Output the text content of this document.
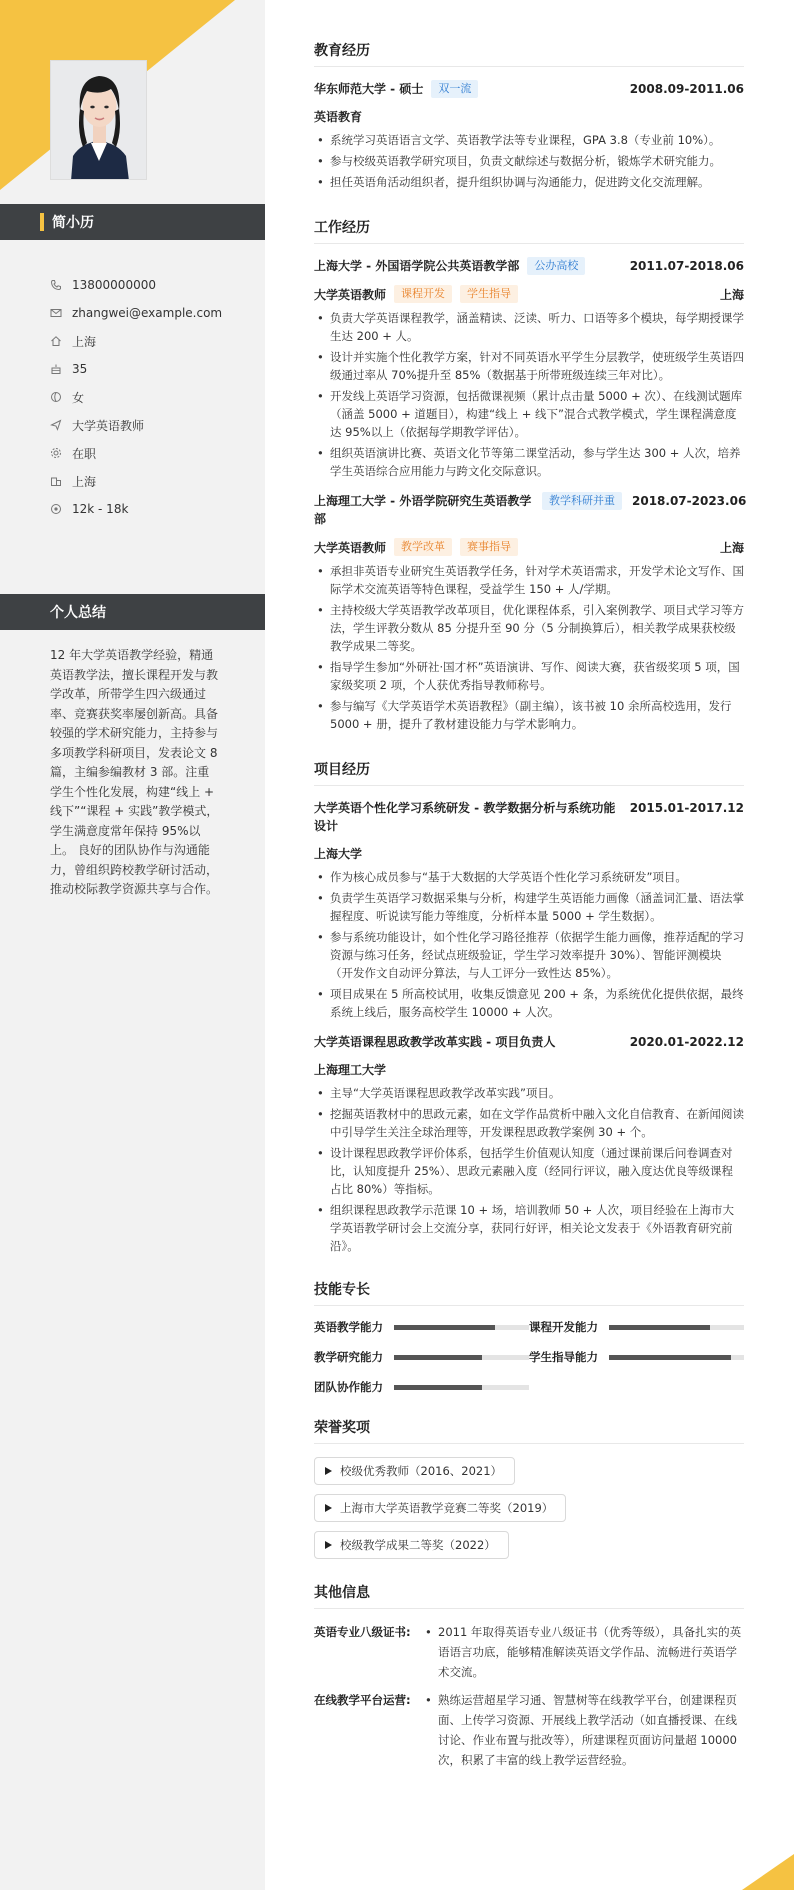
简小历
13800000000
zhangwei@example.com
上海
35
女
大学英语教师
在职
上海
12k - 18k
个人总结
12 年大学英语教学经验，精通英语教学法，擅长课程开发与教学改革，所带学生四六级通过率、竞赛获奖率屡创新高。具备较强的学术研究能力，主持参与多项教学科研项目，发表论文 8 篇，主编参编教材 3 部。注重学生个性化发展，构建“线上 + 线下”“课程 + 实践”教学模式，学生满意度常年保持 95%以上。 良好的团队协作与沟通能力，曾组织跨校教学研讨活动，推动校际教学资源共享与合作。
教育经历
华东师范大学 - 硕士	双一流	2008.09-2011.06
英语教育
• 系统学习英语语言文学、英语教学法等专业课程，GPA 3.8（专业前 10%）。
• 参与校级英语教学研究项目，负责文献综述与数据分析，锻炼学术研究能力。
• 担任英语角活动组织者，提升组织协调与沟通能力，促进跨文化交流理解。
工作经历
上海大学 - 外国语学院公共英语教学部	公办高校	2011.07-2018.06
大学英语教师	课程开发	学生指导	上海
• 负责大学英语课程教学，涵盖精读、泛读、听力、口语等多个模块，每学期授课学生达 200 + 人。
• 设计并实施个性化教学方案，针对不同英语水平学生分层教学，使班级学生英语四级通过率从 70%提升至 85%（数据基于所带班级连续三年对比）。
• 开发线上英语学习资源，包括微课视频（累计点击量 5000 + 次）、在线测试题库（涵盖 5000 + 道题目），构建“线上 + 线下”混合式教学模式，学生课程满意度达 95%以上（依据每学期教学评估）。
• 组织英语演讲比赛、英语文化节等第二课堂活动，参与学生达 300 + 人次，培养学生英语综合应用能力与跨文化交际意识。
上海理工大学 - 外语学院研究生英语教学部
教学科研并重	2018.07-2023.06
大学英语教师	教学改革	赛事指导	上海
• 承担非英语专业研究生英语教学任务，针对学术英语需求，开发学术论文写作、国际学术交流英语等特色课程，受益学生 150 + 人/学期。
• 主持校级大学英语教学改革项目，优化课程体系，引入案例教学、项目式学习等方法，学生评教分数从 85 分提升至 90 分（5 分制换算后），相关教学成果获校级教学成果二等奖。
• 指导学生参加“外研社·国才杯”英语演讲、写作、阅读大赛，获省级奖项 5 项，国家级奖项 2 项，个人获优秀指导教师称号。
• 参与编写《大学英语学术英语教程》（副主编），该书被 10 余所高校选用，发行 5000 + 册，提升了教材建设能力与学术影响力。
项目经历
大学英语个性化学习系统研发 - 教学数据分析与系统功能设计
2015.01-2017.12
上海大学
• 作为核心成员参与“基于大数据的大学英语个性化学习系统研发”项目。
• 负责学生英语学习数据采集与分析，构建学生英语能力画像（涵盖词汇量、语法掌握程度、听说读写能力等维度，分析样本量 5000 + 学生数据）。
• 参与系统功能设计，如个性化学习路径推荐（依据学生能力画像，推荐适配的学习资源与练习任务，经试点班级验证，学生学习效率提升 30%）、智能评测模块（开发作文自动评分算法，与人工评分一致性达 85%）。
• 项目成果在 5 所高校试用，收集反馈意见 200 + 条，为系统优化提供依据，最终系统上线后，服务高校学生 10000 + 人次。
大学英语课程思政教学改革实践 - 项目负责人	2020.01-2022.12
上海理工大学
• 主导“大学英语课程思政教学改革实践”项目。
• 挖掘英语教材中的思政元素，如在文学作品赏析中融入文化自信教育、在新闻阅读中引导学生关注全球治理等，开发课程思政教学案例 30 + 个。
• 设计课程思政教学评价体系，包括学生价值观认知度（通过课前课后问卷调查对比，认知度提升 25%）、思政元素融入度（经同行评议，融入度达优良等级课程占比 80%）等指标。
• 组织课程思政教学示范课 10 + 场，培训教师 50 + 人次，项目经验在上海市大学英语教学研讨会上交流分享，获同行好评，相关论文发表于《外语教育研究前沿》。
技能专长
英语教学能力	课程开发能力
教学研究能力	学生指导能力
团队协作能力
荣誉奖项
校级优秀教师（2016、2021）
上海市大学英语教学竞赛二等奖（2019）
校级教学成果二等奖（2022）
其他信息
英语专业八级证书:	• 2011 年取得英语专业八级证书（优秀等级），具备扎实的英语语言功底，能够精准解读英语文学作品、流畅进行英语学术交流。
在线教学平台运营:	• 熟练运营超星学习通、智慧树等在线教学平台，创建课程页面、上传学习资源、开展线上教学活动（如直播授课、在线讨论、作业布置与批改等），所建课程页面访问量超 10000 次，积累了丰富的线上教学运营经验。
